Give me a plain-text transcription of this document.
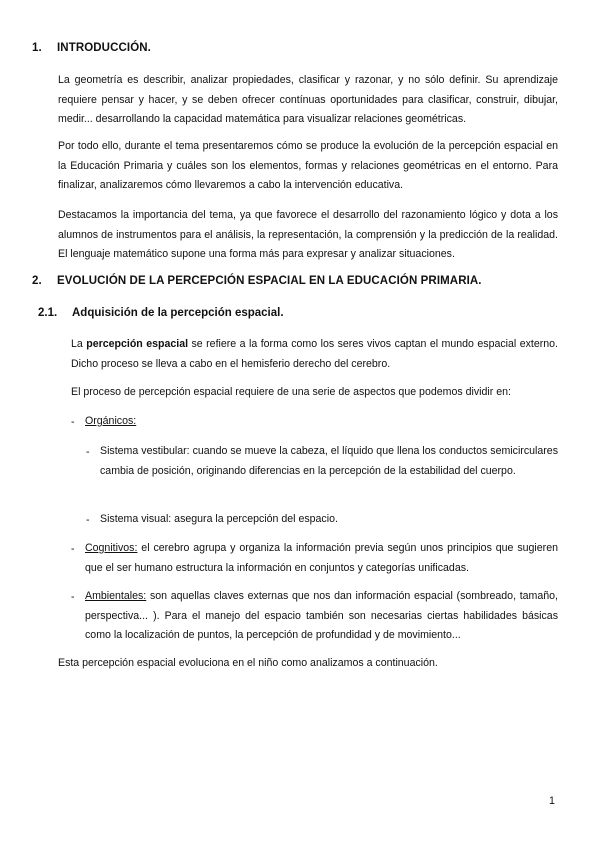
1. INTRODUCCIÓN.
La geometría es describir, analizar propiedades, clasificar y razonar, y no sólo definir. Su aprendizaje requiere pensar y hacer, y se deben ofrecer contínuas oportunidades para clasificar, construir, dibujar, medir... desarrollando la capacidad matemática para visualizar relaciones geométricas.
Por todo ello, durante el tema presentaremos cómo se produce la evolución de la percepción espacial en la Educación Primaria y cuáles son los elementos, formas y relaciones geométricas en el entorno. Para finalizar, analizaremos cómo llevaremos a cabo la intervención educativa.
Destacamos la importancia del tema, ya que favorece el desarrollo del razonamiento lógico y dota a los alumnos de instrumentos para el análisis, la representación, la comprensión y la predicción de la realidad. El lenguaje matemático supone una forma más para expresar y analizar situaciones.
2. EVOLUCIÓN DE LA PERCEPCIÓN ESPACIAL EN LA EDUCACIÓN PRIMARIA.
2.1. Adquisición de la percepción espacial.
La percepción espacial se refiere a la forma como los seres vivos captan el mundo espacial externo. Dicho proceso se lleva a cabo en el hemisferio derecho del cerebro.
El proceso de percepción espacial requiere de una serie de aspectos que podemos dividir en:
- Orgánicos:
- Sistema vestibular: cuando se mueve la cabeza, el líquido que llena los conductos semicirculares cambia de posición, originando diferencias en la percepción de la estabilidad del cuerpo.
- Sistema visual: asegura la percepción del espacio.
- Cognitivos: el cerebro agrupa y organiza la información previa según unos principios que sugieren que el ser humano estructura la información en conjuntos y categorías unificadas.
- Ambientales: son aquellas claves externas que nos dan información espacial (sombreado, tamaño, perspectiva... ). Para el manejo del espacio también son necesarias ciertas habilidades básicas como la localización de puntos, la percepción de profundidad y de movimiento...
Esta percepción espacial evoluciona en el niño como analizamos a continuación.
1
